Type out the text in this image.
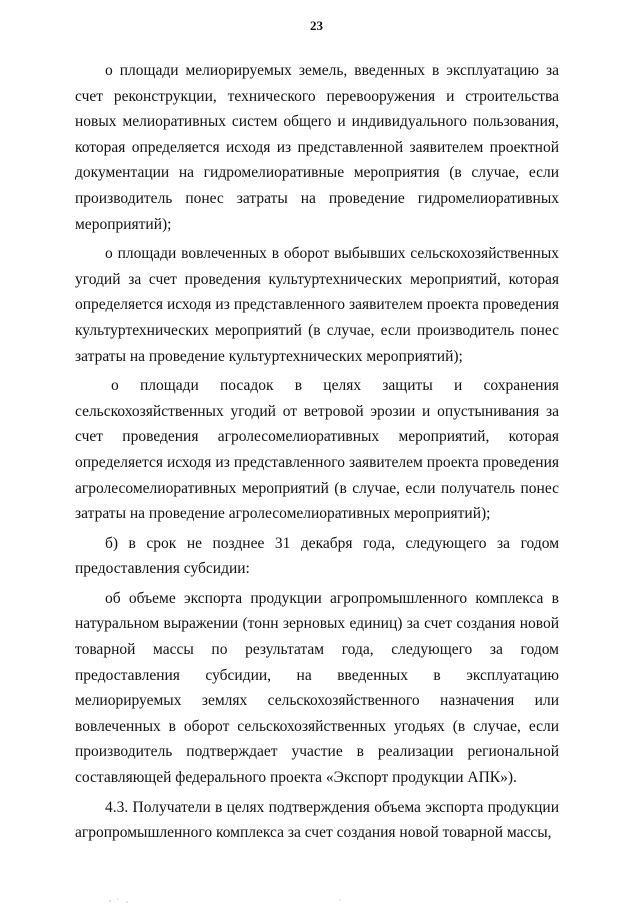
23

о площади мелиорируемых земель, введенных в эксплуатацию за счет реконструкции, технического перевооружения и строительства новых мелиоративных систем общего и индивидуального пользования, которая определяется исходя из представленной заявителем проектной документации на гидромелиоративные мероприятия (в случае, если производитель понес затраты на проведение гидромелиоративных мероприятий);

о площади вовлеченных в оборот выбывших сельскохозяйственных угодий за счет проведения культуртехнических мероприятий, которая определяется исходя из представленного заявителем проекта проведения культуртехнических мероприятий (в случае, если производитель понес затраты на проведение культуртехнических мероприятий);

о площади посадок в целях защиты и сохранения сельскохозяйственных угодий от ветровой эрозии и опустынивания за счет проведения агролесомелиоративных мероприятий, которая определяется исходя из представленного заявителем проекта проведения агролесомелиоративных мероприятий (в случае, если получатель понес затраты на проведение агролесомелиоративных мероприятий);

б) в срок не позднее 31 декабря года, следующего за годом предоставления субсидии:

об объеме экспорта продукции агропромышленного комплекса в натуральном выражении (тонн зерновых единиц) за счет создания новой товарной массы по результатам года, следующего за годом предоставления субсидии, на введенных в эксплуатацию мелиорируемых землях сельскохозяйственного назначения или вовлеченных в оборот сельскохозяйственных угодьях (в случае, если производитель подтверждает участие в реализации региональной составляющей федерального проекта «Экспорт продукции АПК»).

4.3. Получатели в целях подтверждения объема экспорта продукции агропромышленного комплекса за счет создания новой товарной массы,
